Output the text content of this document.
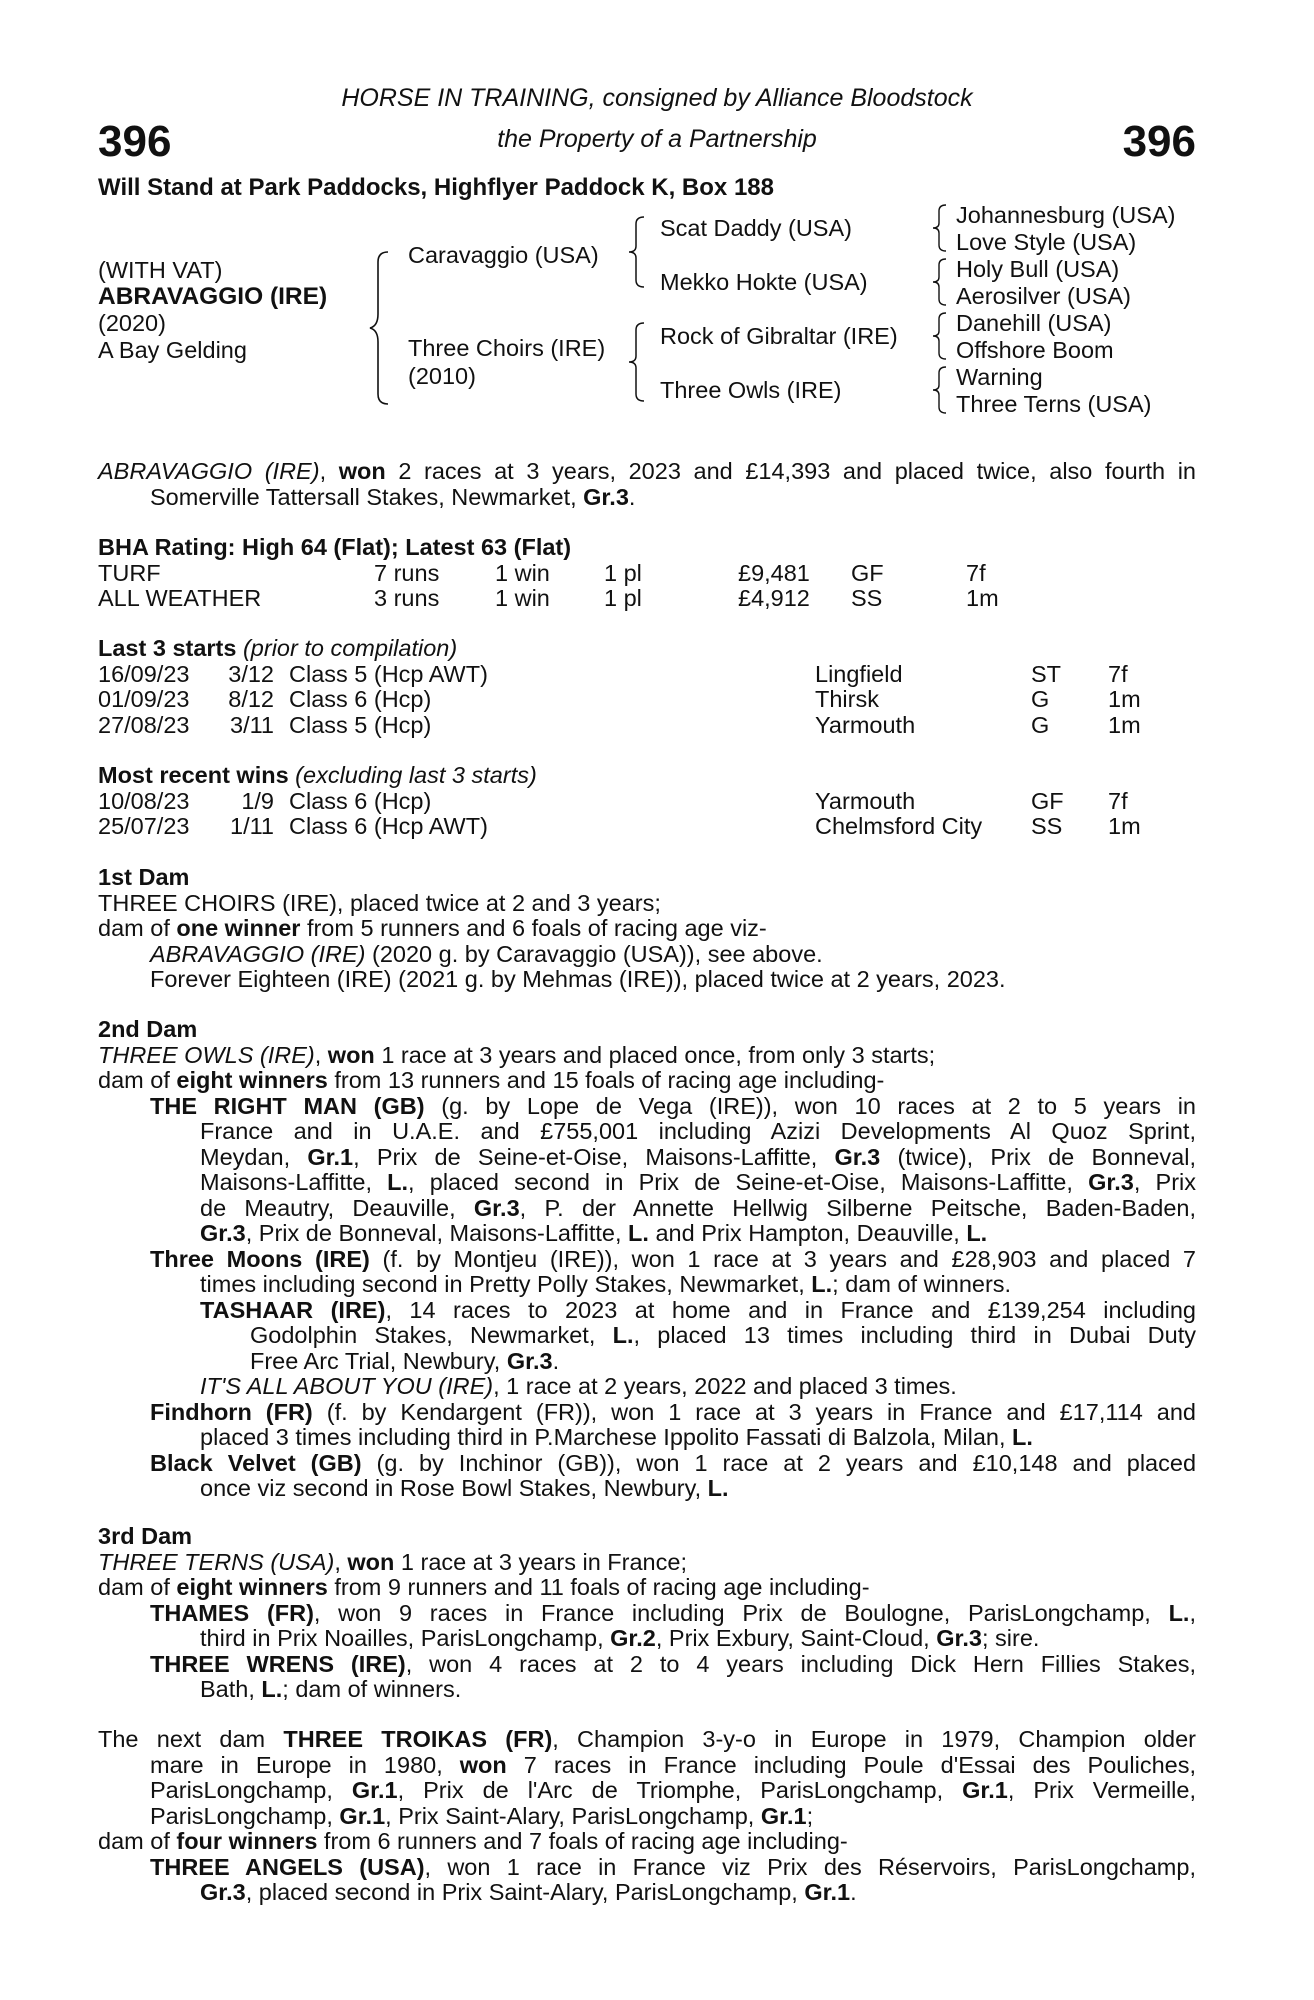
396	396
HORSE IN TRAINING, consigned by Alliance Bloodstock
the Property of a Partnership
Will Stand at Park Paddocks, Highflyer Paddock K, Box 188
(WITH VAT)
ABRAVAGGIO (IRE)
(2020)
A Bay Gelding
Caravaggio (USA)
Three Choirs (IRE)
(2010)
Scat Daddy (USA)
Mekko Hokte (USA)
Rock of Gibraltar (IRE)
Three Owls (IRE)
Johannesburg (USA)
Love Style (USA)
Holy Bull (USA)
Aerosilver (USA)
Danehill (USA)
Offshore Boom
Warning
Three Terns (USA)
ABRAVAGGIO (IRE), won 2 races at 3 years, 2023 and £14,393 and placed twice, also fourth in
Somerville Tattersall Stakes, Newmarket, Gr.3.
BHA Rating: High 64 (Flat); Latest 63 (Flat)
TURF	7 runs 1 win 1 pl	£9,481 GF	7f
ALL WEATHER	3 runs 1 win 1 pl	£4,912 SS	1m
Last 3 starts (prior to compilation)
16/09/23 3/12 Class 5 (Hcp AWT)	Lingfield	ST 7f
01/09/23 8/12 Class 6 (Hcp)	Thirsk	G 1m
27/08/23 3/11 Class 5 (Hcp)	Yarmouth	G 1m
Most recent wins (excluding last 3 starts)
10/08/23 1/9 Class 6 (Hcp)	Yarmouth	GF 7f
25/07/23 1/11 Class 6 (Hcp AWT)	Chelmsford City SS 1m
1st Dam
THREE CHOIRS (IRE), placed twice at 2 and 3 years;
dam of one winner from 5 runners and 6 foals of racing age viz-
ABRAVAGGIO (IRE) (2020 g. by Caravaggio (USA)), see above.
Forever Eighteen (IRE) (2021 g. by Mehmas (IRE)), placed twice at 2 years, 2023.
2nd Dam
THREE OWLS (IRE), won 1 race at 3 years and placed once, from only 3 starts;
dam of eight winners from 13 runners and 15 foals of racing age including-
THE RIGHT MAN (GB) (g. by Lope de Vega (IRE)), won 10 races at 2 to 5 years in
France and in U.A.E. and £755,001 including Azizi Developments Al Quoz Sprint,
Meydan, Gr.1, Prix de Seine-et-Oise, Maisons-Laffitte, Gr.3 (twice), Prix de Bonneval,
Maisons-Laffitte, L., placed second in Prix de Seine-et-Oise, Maisons-Laffitte, Gr.3, Prix
de Meautry, Deauville, Gr.3, P. der Annette Hellwig Silberne Peitsche, Baden-Baden,
Gr.3, Prix de Bonneval, Maisons-Laffitte, L. and Prix Hampton, Deauville, L.
Three Moons (IRE) (f. by Montjeu (IRE)), won 1 race at 3 years and £28,903 and placed 7
times including second in Pretty Polly Stakes, Newmarket, L.; dam of winners.
TASHAAR (IRE), 14 races to 2023 at home and in France and £139,254 including
Godolphin Stakes, Newmarket, L., placed 13 times including third in Dubai Duty
Free Arc Trial, Newbury, Gr.3.
IT'S ALL ABOUT YOU (IRE), 1 race at 2 years, 2022 and placed 3 times.
Findhorn (FR) (f. by Kendargent (FR)), won 1 race at 3 years in France and £17,114 and
placed 3 times including third in P.Marchese Ippolito Fassati di Balzola, Milan, L.
Black Velvet (GB) (g. by Inchinor (GB)), won 1 race at 2 years and £10,148 and placed
once viz second in Rose Bowl Stakes, Newbury, L.
3rd Dam
THREE TERNS (USA), won 1 race at 3 years in France;
dam of eight winners from 9 runners and 11 foals of racing age including-
THAMES (FR), won 9 races in France including Prix de Boulogne, ParisLongchamp, L.,
third in Prix Noailles, ParisLongchamp, Gr.2, Prix Exbury, Saint-Cloud, Gr.3; sire.
THREE WRENS (IRE), won 4 races at 2 to 4 years including Dick Hern Fillies Stakes,
Bath, L.; dam of winners.
The next dam THREE TROIKAS (FR), Champion 3-y-o in Europe in 1979, Champion older
mare in Europe in 1980, won 7 races in France including Poule d'Essai des Pouliches,
ParisLongchamp, Gr.1, Prix de l'Arc de Triomphe, ParisLongchamp, Gr.1, Prix Vermeille,
ParisLongchamp, Gr.1, Prix Saint-Alary, ParisLongchamp, Gr.1;
dam of four winners from 6 runners and 7 foals of racing age including-
THREE ANGELS (USA), won 1 race in France viz Prix des Réservoirs, ParisLongchamp,
Gr.3, placed second in Prix Saint-Alary, ParisLongchamp, Gr.1.
